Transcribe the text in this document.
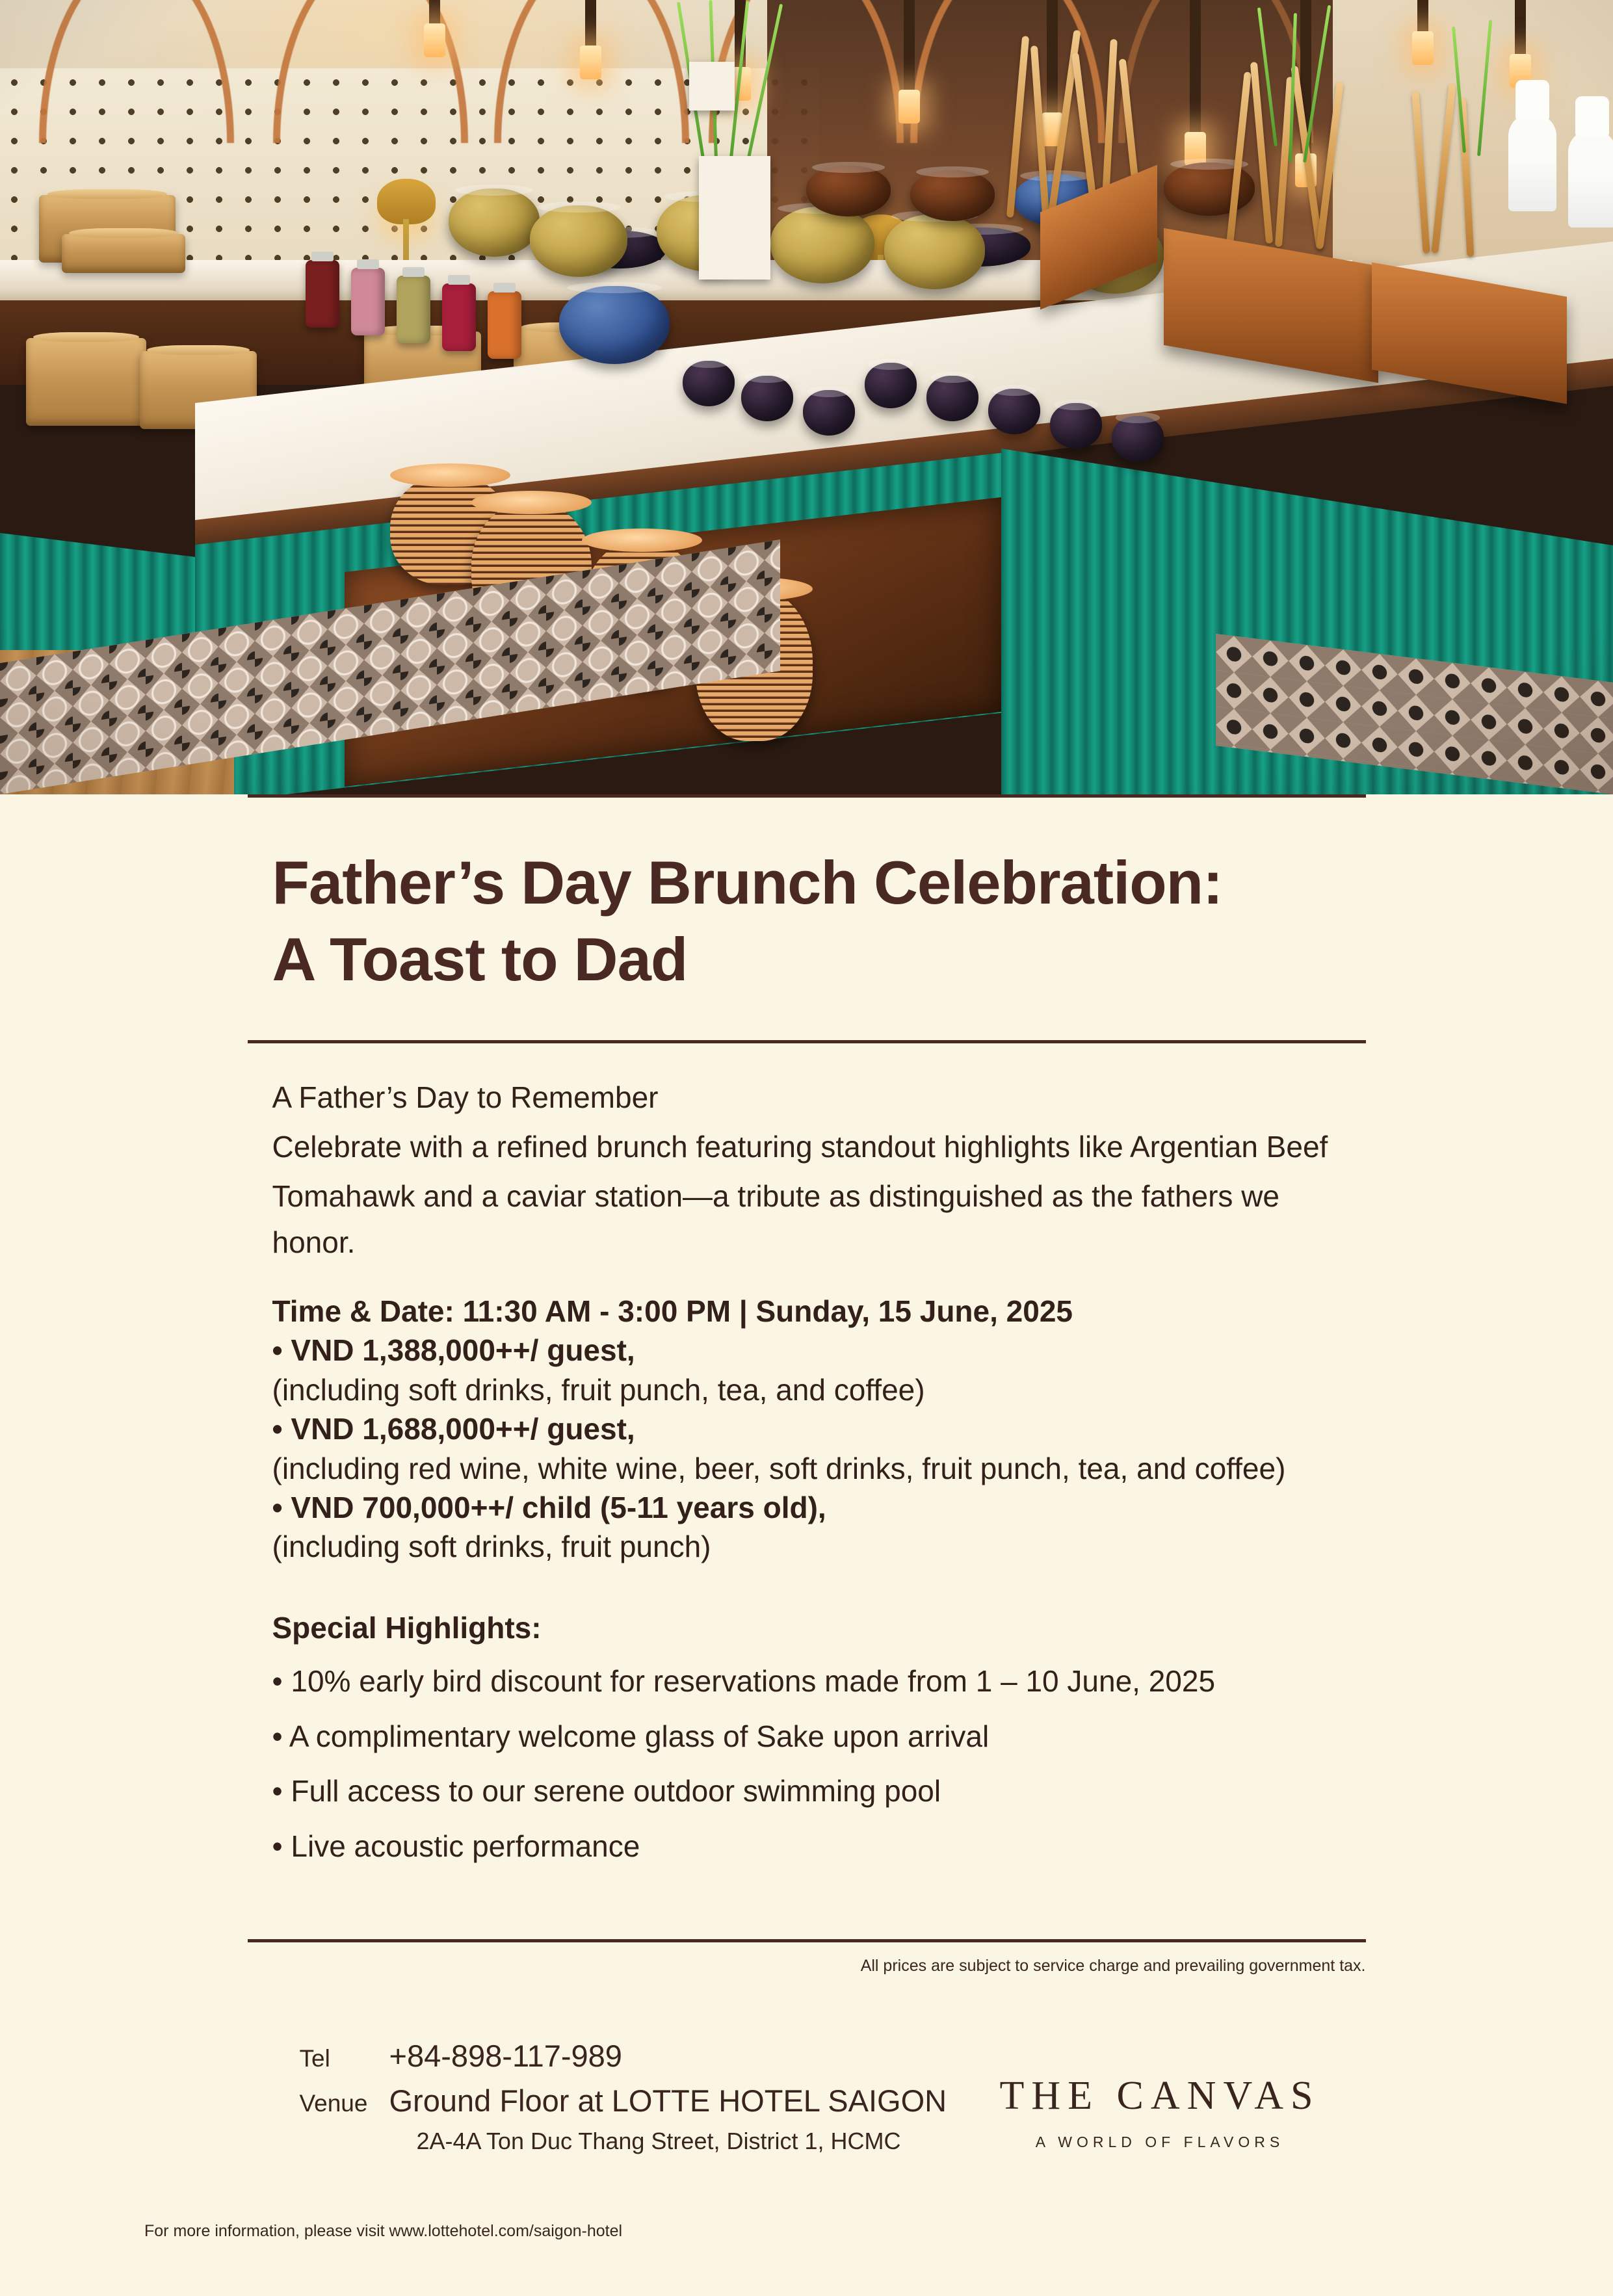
Father’s Day Brunch Celebration:
A Toast to Dad

A Father’s Day to Remember

Celebrate with a refined brunch featuring standout highlights like Argentian Beef

Tomahawk and a caviar station—a tribute as distinguished as the fathers we honor.

Time & Date: 11:30 AM - 3:00 PM | Sunday, 15 June, 2025
• VND 1,388,000++/ guest,
(including soft drinks, fruit punch, tea, and coffee)
• VND 1,688,000++/ guest,
(including red wine, white wine, beer, soft drinks, fruit punch, tea, and coffee)
• VND 700,000++/ child (5-11 years old),
(including soft drinks, fruit punch)
Special Highlights:
• 10% early bird discount for reservations made from 1 – 10 June, 2025
• A complimentary welcome glass of Sake upon arrival
• Full access to our serene outdoor swimming pool
• Live acoustic performance
All prices are subject to service charge and prevailing government tax.
Tel	+84-898-117-989
Venue Ground Floor at LOTTE HOTEL SAIGON
2A-4A Ton Duc Thang Street, District 1, HCMC
THE CANVAS
A WORLD OF FLAVORS
For more information, please visit www.lottehotel.com/saigon-hotel
